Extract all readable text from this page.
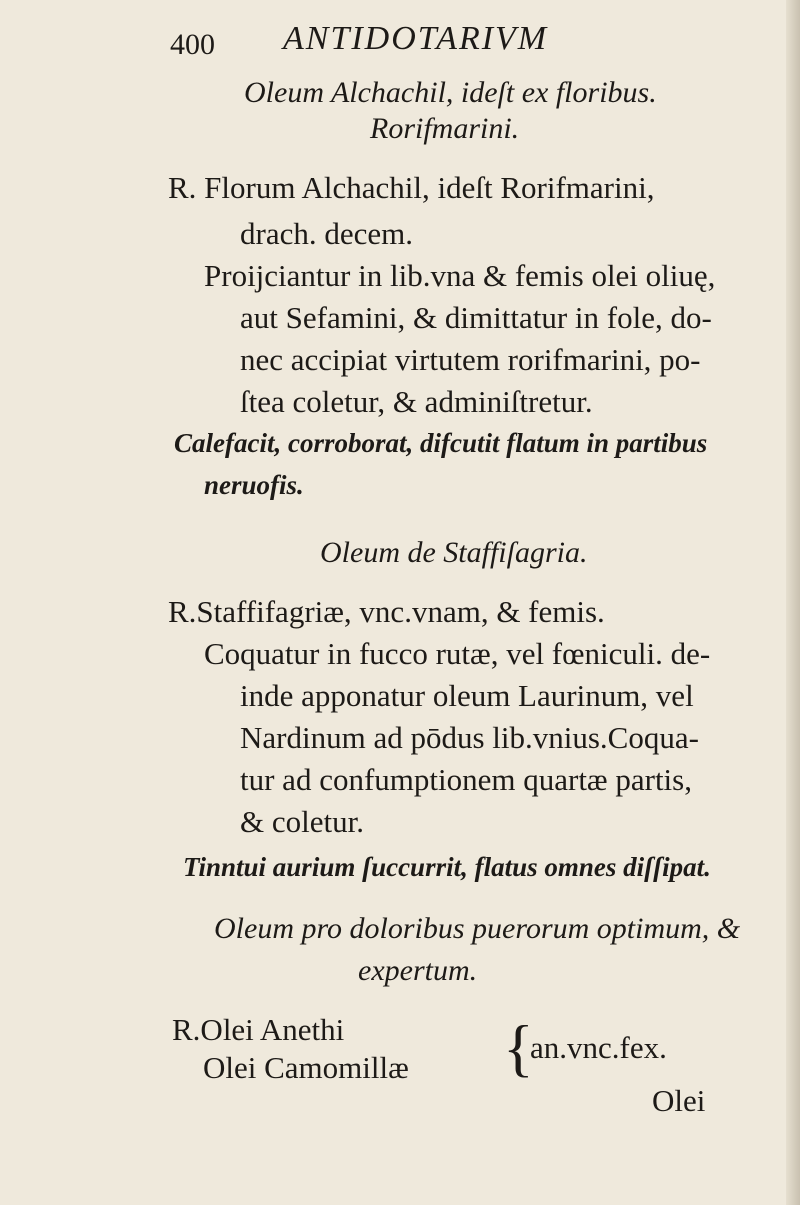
400 ANTIDOTARIVM
Oleum Alchachil, ideſt ex floribus.
Rorifmarini.
R. Florum Alchachil, ideſt Rorifmarini,
drach. decem.
Proijciantur in lib.vna & femis olei oliuę,
aut Sefamini, & dimittatur in fole, do-
nec accipiat virtutem rorifmarini, po-
ſtea coletur, & adminiſtretur.
Calefacit, corroborat, difcutit flatum in partibus
neruofis.
Oleum de Staffiſagria.
R.Staffifagriæ, vnc.vnam, & femis.
Coquatur in fucco rutæ, vel fœniculi. de-
inde apponatur oleum Laurinum, vel
Nardinum ad pōdus lib.vnius.Coqua-
tur ad confumptionem quartæ partis,
& coletur.
Tinntui aurium ſuccurrit, flatus omnes diſſipat.
Oleum pro doloribus puerorum optimum, &
expertum.
R.Olei Anethi
Olei Camomillæ {
an.vnc.fex.
Olei
